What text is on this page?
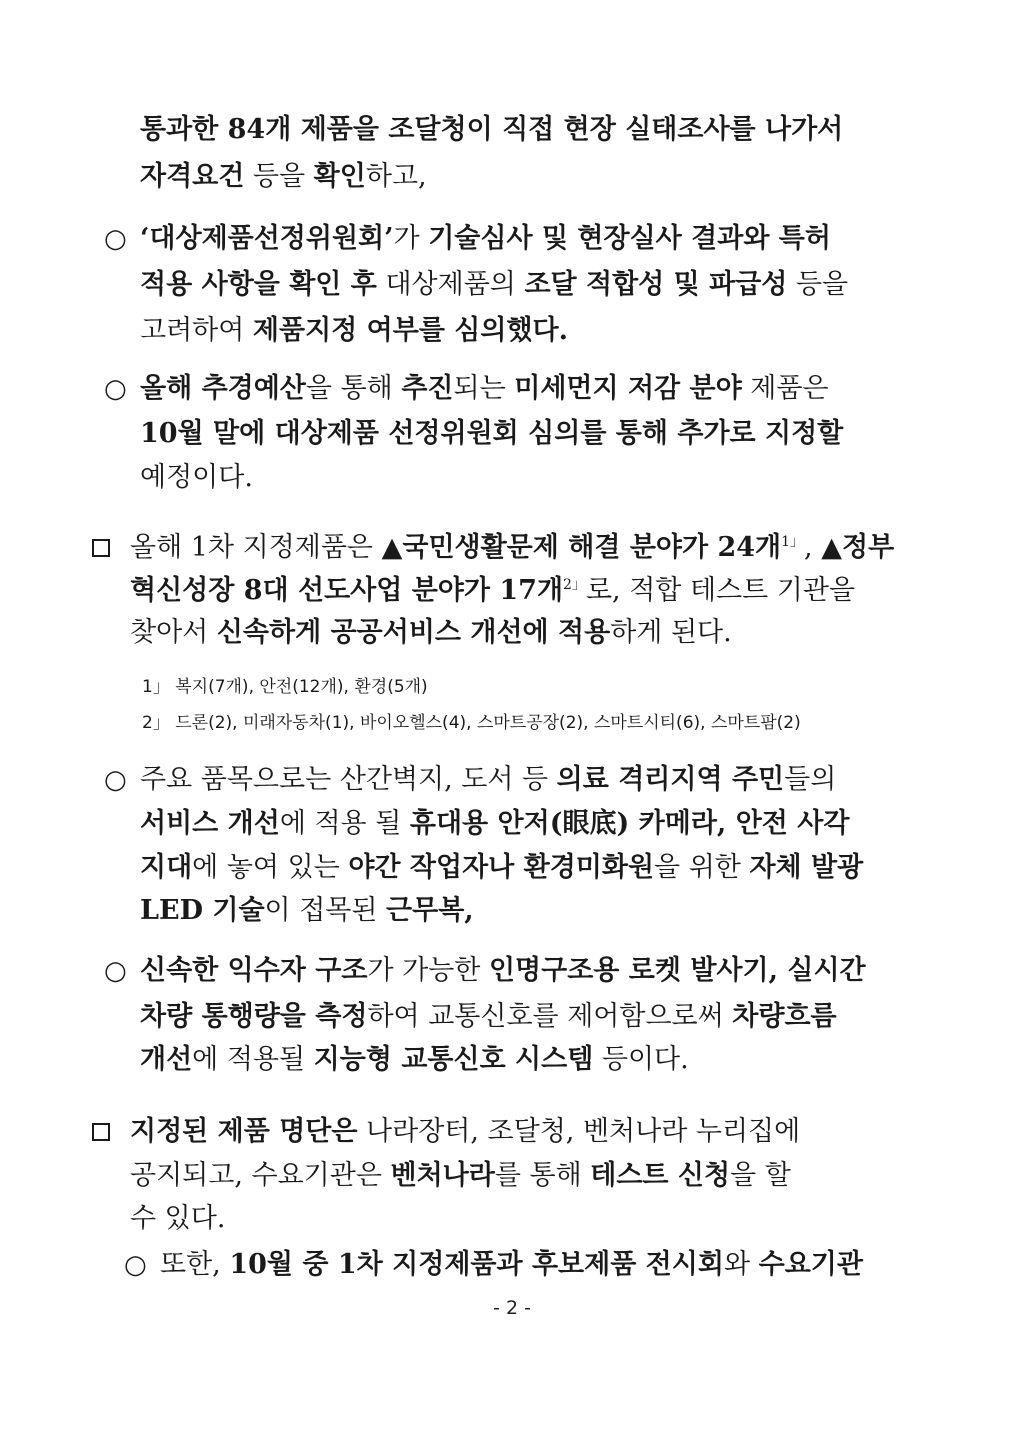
통과한 84개 제품을 조달청이 직접 현장 실태조사를 나가서
자격요건 등을 확인하고,
○ ‘대상제품선정위원회’가 기술심사 및 현장실사 결과와 특허
적용 사항을 확인 후 대상제품의 조달 적합성 및 파급성 등을
고려하여 제품지정 여부를 심의했다.
○ 올해 추경예산을 통해 추진되는 미세먼지 저감 분야 제품은
10월 말에 대상제품 선정위원회 심의를 통해 추가로 지정할
예정이다.
올해 1차 지정제품은 ▲국민생활문제 해결 분야가 24개$^{1」}$, ▲정부
혁신성장 8대 선도사업 분야가 17개$^{2」}$로, 적합 테스트 기관을
찾아서 신속하게 공공서비스 개선에 적용하게 된다.
1」 복지(7개), 안전(12개), 환경(5개)
2」 드론(2), 미래자동차(1), 바이오헬스(4), 스마트공장(2), 스마트시티(6), 스마트팜(2)
○ 주요 품목으로는 산간벽지, 도서 등 의료 격리지역 주민들의
서비스 개선에 적용 될 휴대용 안저(眼底) 카메라, 안전 사각
지대에 놓여 있는 야간 작업자나 환경미화원을 위한 자체 발광
LED 기술이 접목된 근무복,
○ 신속한 익수자 구조가 가능한 인명구조용 로켓 발사기, 실시간
차량 통행량을 측정하여 교통신호를 제어함으로써 차량흐름
개선에 적용될 지능형 교통신호 시스템 등이다.
지정된 제품 명단은 나라장터, 조달청, 벤처나라 누리집에
공지되고, 수요기관은 벤처나라를 통해 테스트 신청을 할
수 있다.
○ 또한, 10월 중 1차 지정제품과 후보제품 전시회와 수요기관
- 2 -
